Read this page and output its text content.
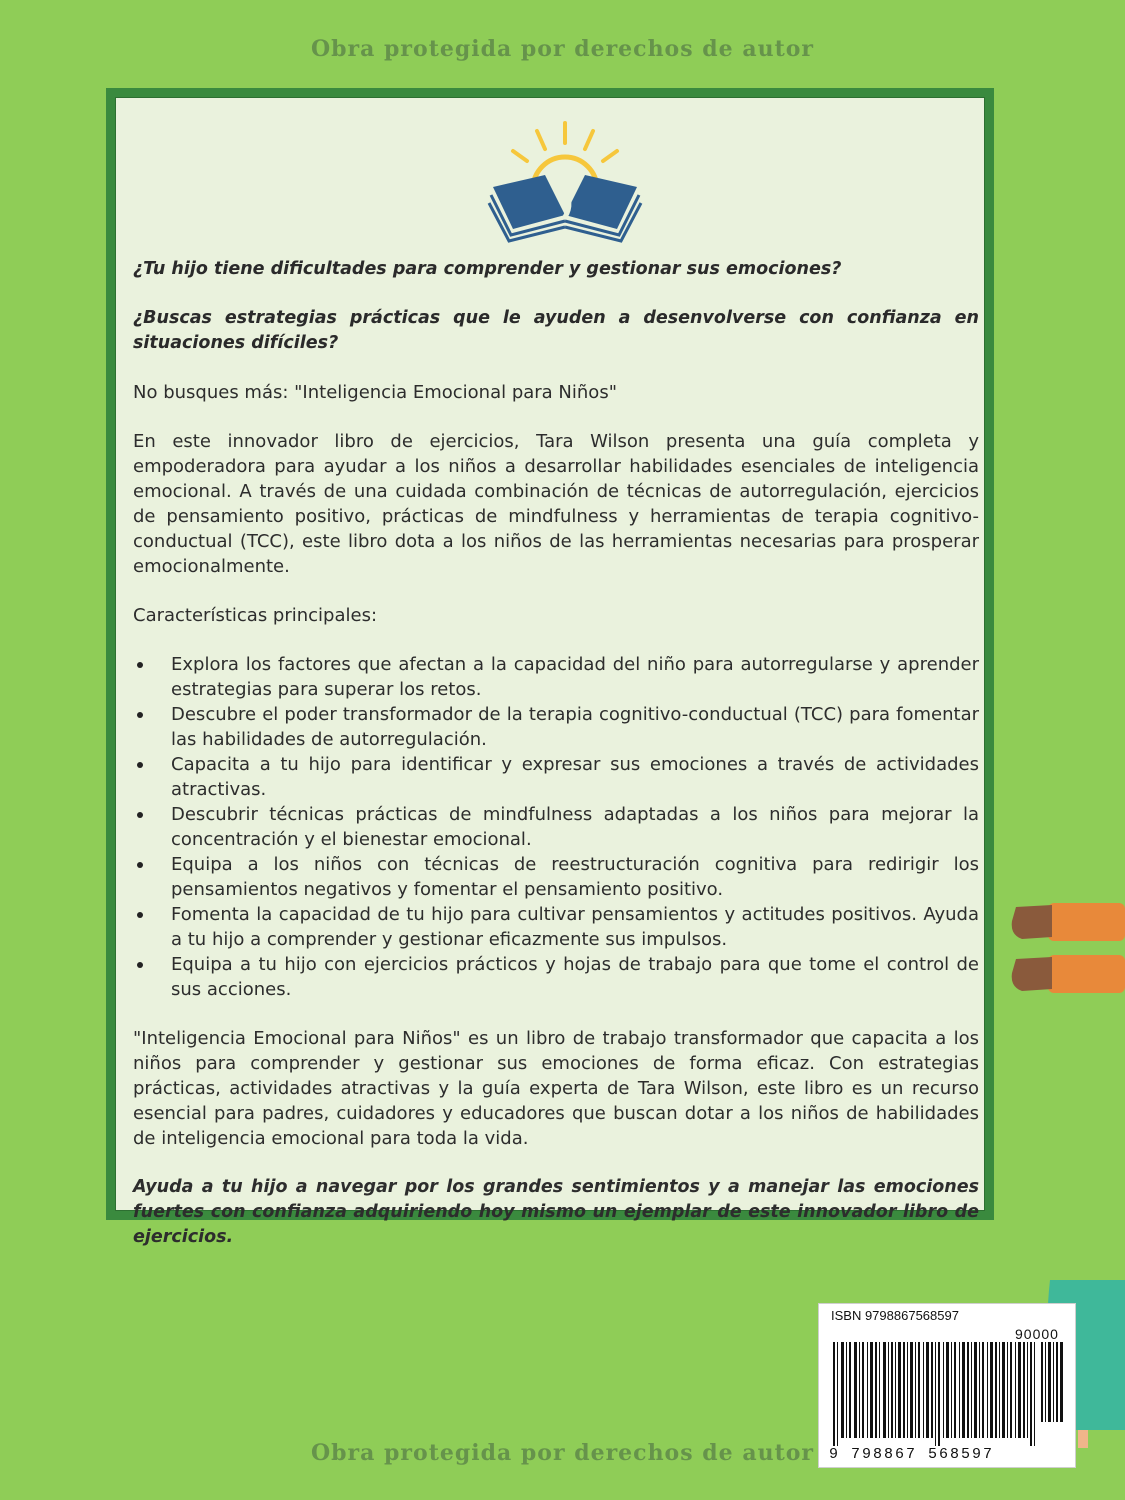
Obra protegida por derechos de autor

¿Tu hijo tiene dificultades para comprender y gestionar sus emociones?

¿Buscas estrategias prácticas que le ayuden a desenvolverse con confianza en situaciones difíciles?

No busques más: "Inteligencia Emocional para Niños"

En este innovador libro de ejercicios, Tara Wilson presenta una guía completa y empoderadora para ayudar a los niños a desarrollar habilidades esenciales de inteligencia emocional. A través de una cuidada combinación de técnicas de autorregulación, ejercicios de pensamiento positivo, prácticas de mindfulness y herramientas de terapia cognitivo-conductual (TCC), este libro dota a los niños de las herramientas necesarias para prosperar emocionalmente.

Características principales:

Explora los factores que afectan a la capacidad del niño para autorregularse y aprender estrategias para superar los retos.
Descubre el poder transformador de la terapia cognitivo-conductual (TCC) para fomentar las habilidades de autorregulación.
Capacita a tu hijo para identificar y expresar sus emociones a través de actividades atractivas.
Descubrir técnicas prácticas de mindfulness adaptadas a los niños para mejorar la concentración y el bienestar emocional.
Equipa a los niños con técnicas de reestructuración cognitiva para redirigir los pensamientos negativos y fomentar el pensamiento positivo.
Fomenta la capacidad de tu hijo para cultivar pensamientos y actitudes positivos. Ayuda a tu hijo a comprender y gestionar eficazmente sus impulsos.
Equipa a tu hijo con ejercicios prácticos y hojas de trabajo para que tome el control de sus acciones.

"Inteligencia Emocional para Niños" es un libro de trabajo transformador que capacita a los niños para comprender y gestionar sus emociones de forma eficaz. Con estrategias prácticas, actividades atractivas y la guía experta de Tara Wilson, este libro es un recurso esencial para padres, cuidadores y educadores que buscan dotar a los niños de habilidades de inteligencia emocional para toda la vida.

Ayuda a tu hijo a navegar por los grandes sentimientos y a manejar las emociones fuertes con confianza adquiriendo hoy mismo un ejemplar de este innovador libro de ejercicios.

ISBN 9798867568597
90000
9 798867 568597
Obra protegida por derechos de autor
